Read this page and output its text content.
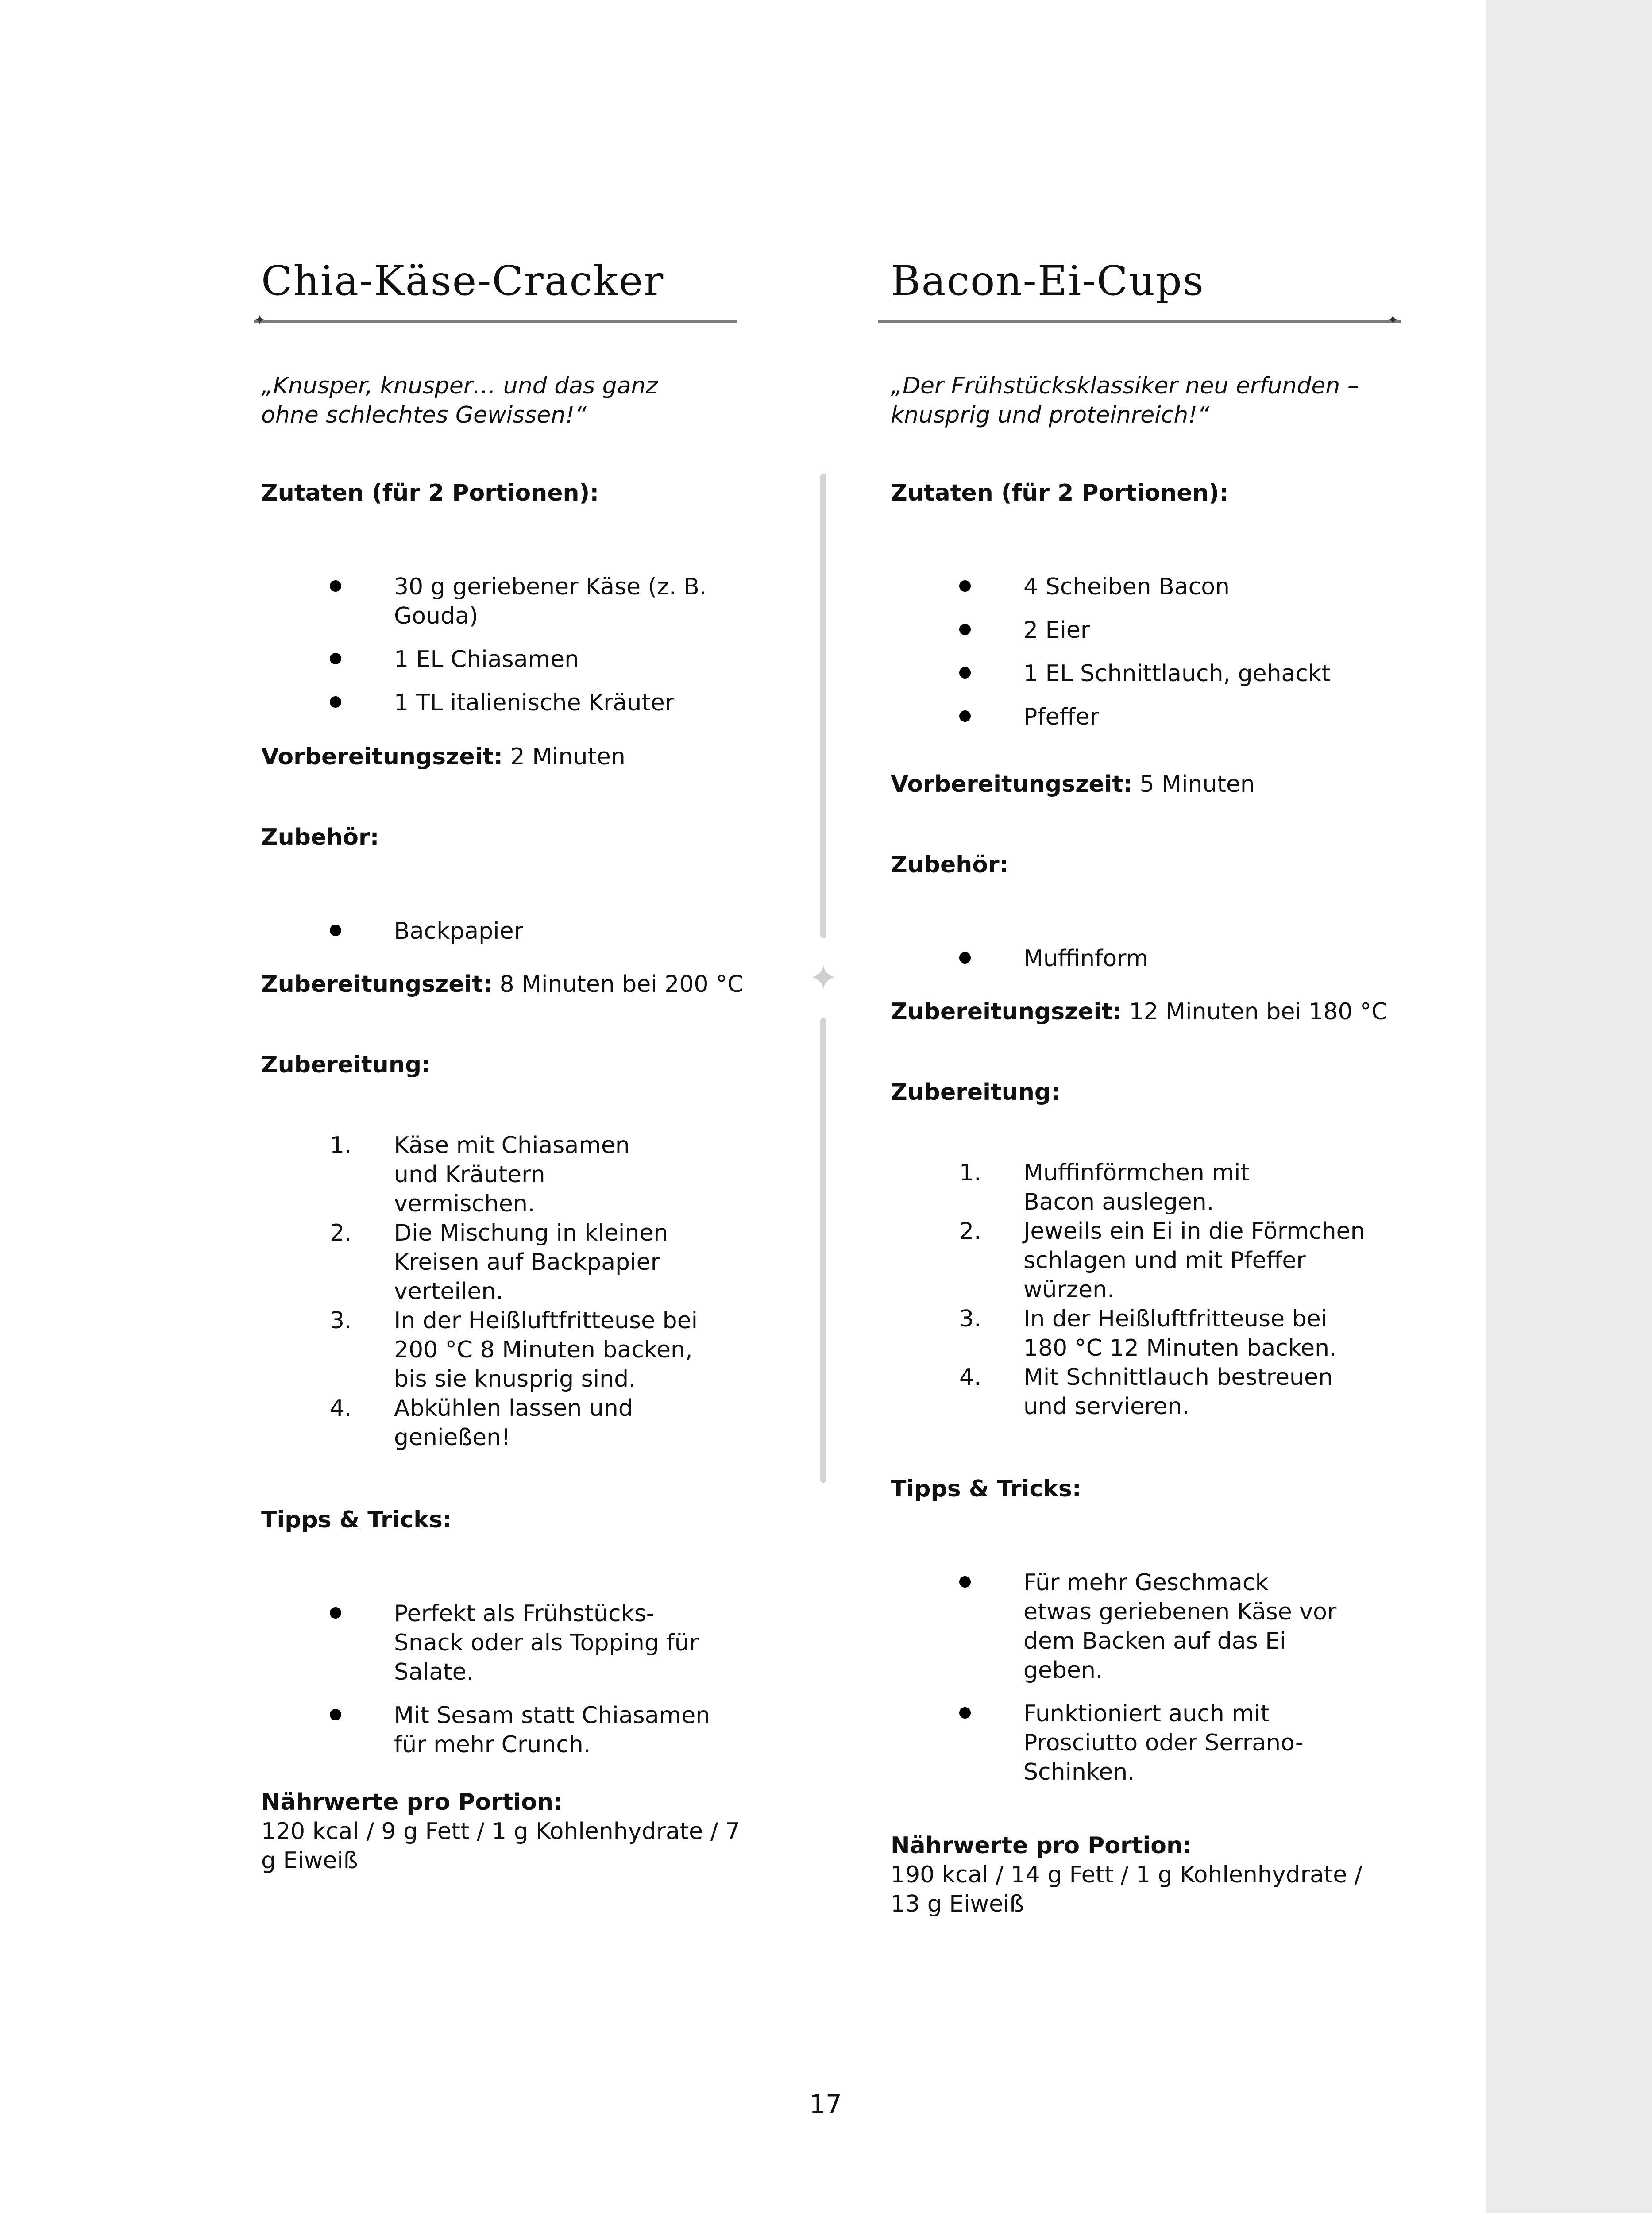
Chia-Käse-Cracker
✦
„Knusper, knusper… und das ganz ohne schlechtes Gewissen!“
Zutaten (für 2 Portionen):
30 g geriebener Käse (z. B. Gouda)
1 EL Chiasamen
1 TL italienische Kräuter
Vorbereitungszeit: 2 Minuten
Zubehör:
Backpapier
Zubereitungszeit: 8 Minuten bei 200 °C
Zubereitung:
1. Käse mit Chiasamen und Kräutern vermischen.
2. Die Mischung in kleinen Kreisen auf Backpapier verteilen.
3. In der Heißluftfritteuse bei 200 °C 8 Minuten backen, bis sie knusprig sind.
4. Abkühlen lassen und genießen!
Tipps & Tricks:
Perfekt als Frühstücks-Snack oder als Topping für Salate.
Mit Sesam statt Chiasamen für mehr Crunch.
Nährwerte pro Portion:
120 kcal / 9 g Fett / 1 g Kohlenhydrate / 7 g Eiweiß
✦
Bacon-Ei-Cups
✦
„Der Frühstücksklassiker neu erfunden – knusprig und proteinreich!“
Zutaten (für 2 Portionen):
4 Scheiben Bacon
2 Eier
1 EL Schnittlauch, gehackt
Pfeffer
Vorbereitungszeit: 5 Minuten
Zubehör:
Muffinform
Zubereitungszeit: 12 Minuten bei 180 °C
Zubereitung:
1. Muffinförmchen mit Bacon auslegen.
2. Jeweils ein Ei in die Förmchen schlagen und mit Pfeffer würzen.
3. In der Heißluftfritteuse bei 180 °C 12 Minuten backen.
4. Mit Schnittlauch bestreuen und servieren.
Tipps & Tricks:
Für mehr Geschmack etwas geriebenen Käse vor dem Backen auf das Ei geben.
Funktioniert auch mit Prosciutto oder Serrano-Schinken.
Nährwerte pro Portion:
190 kcal / 14 g Fett / 1 g Kohlenhydrate / 13 g Eiweiß
17
